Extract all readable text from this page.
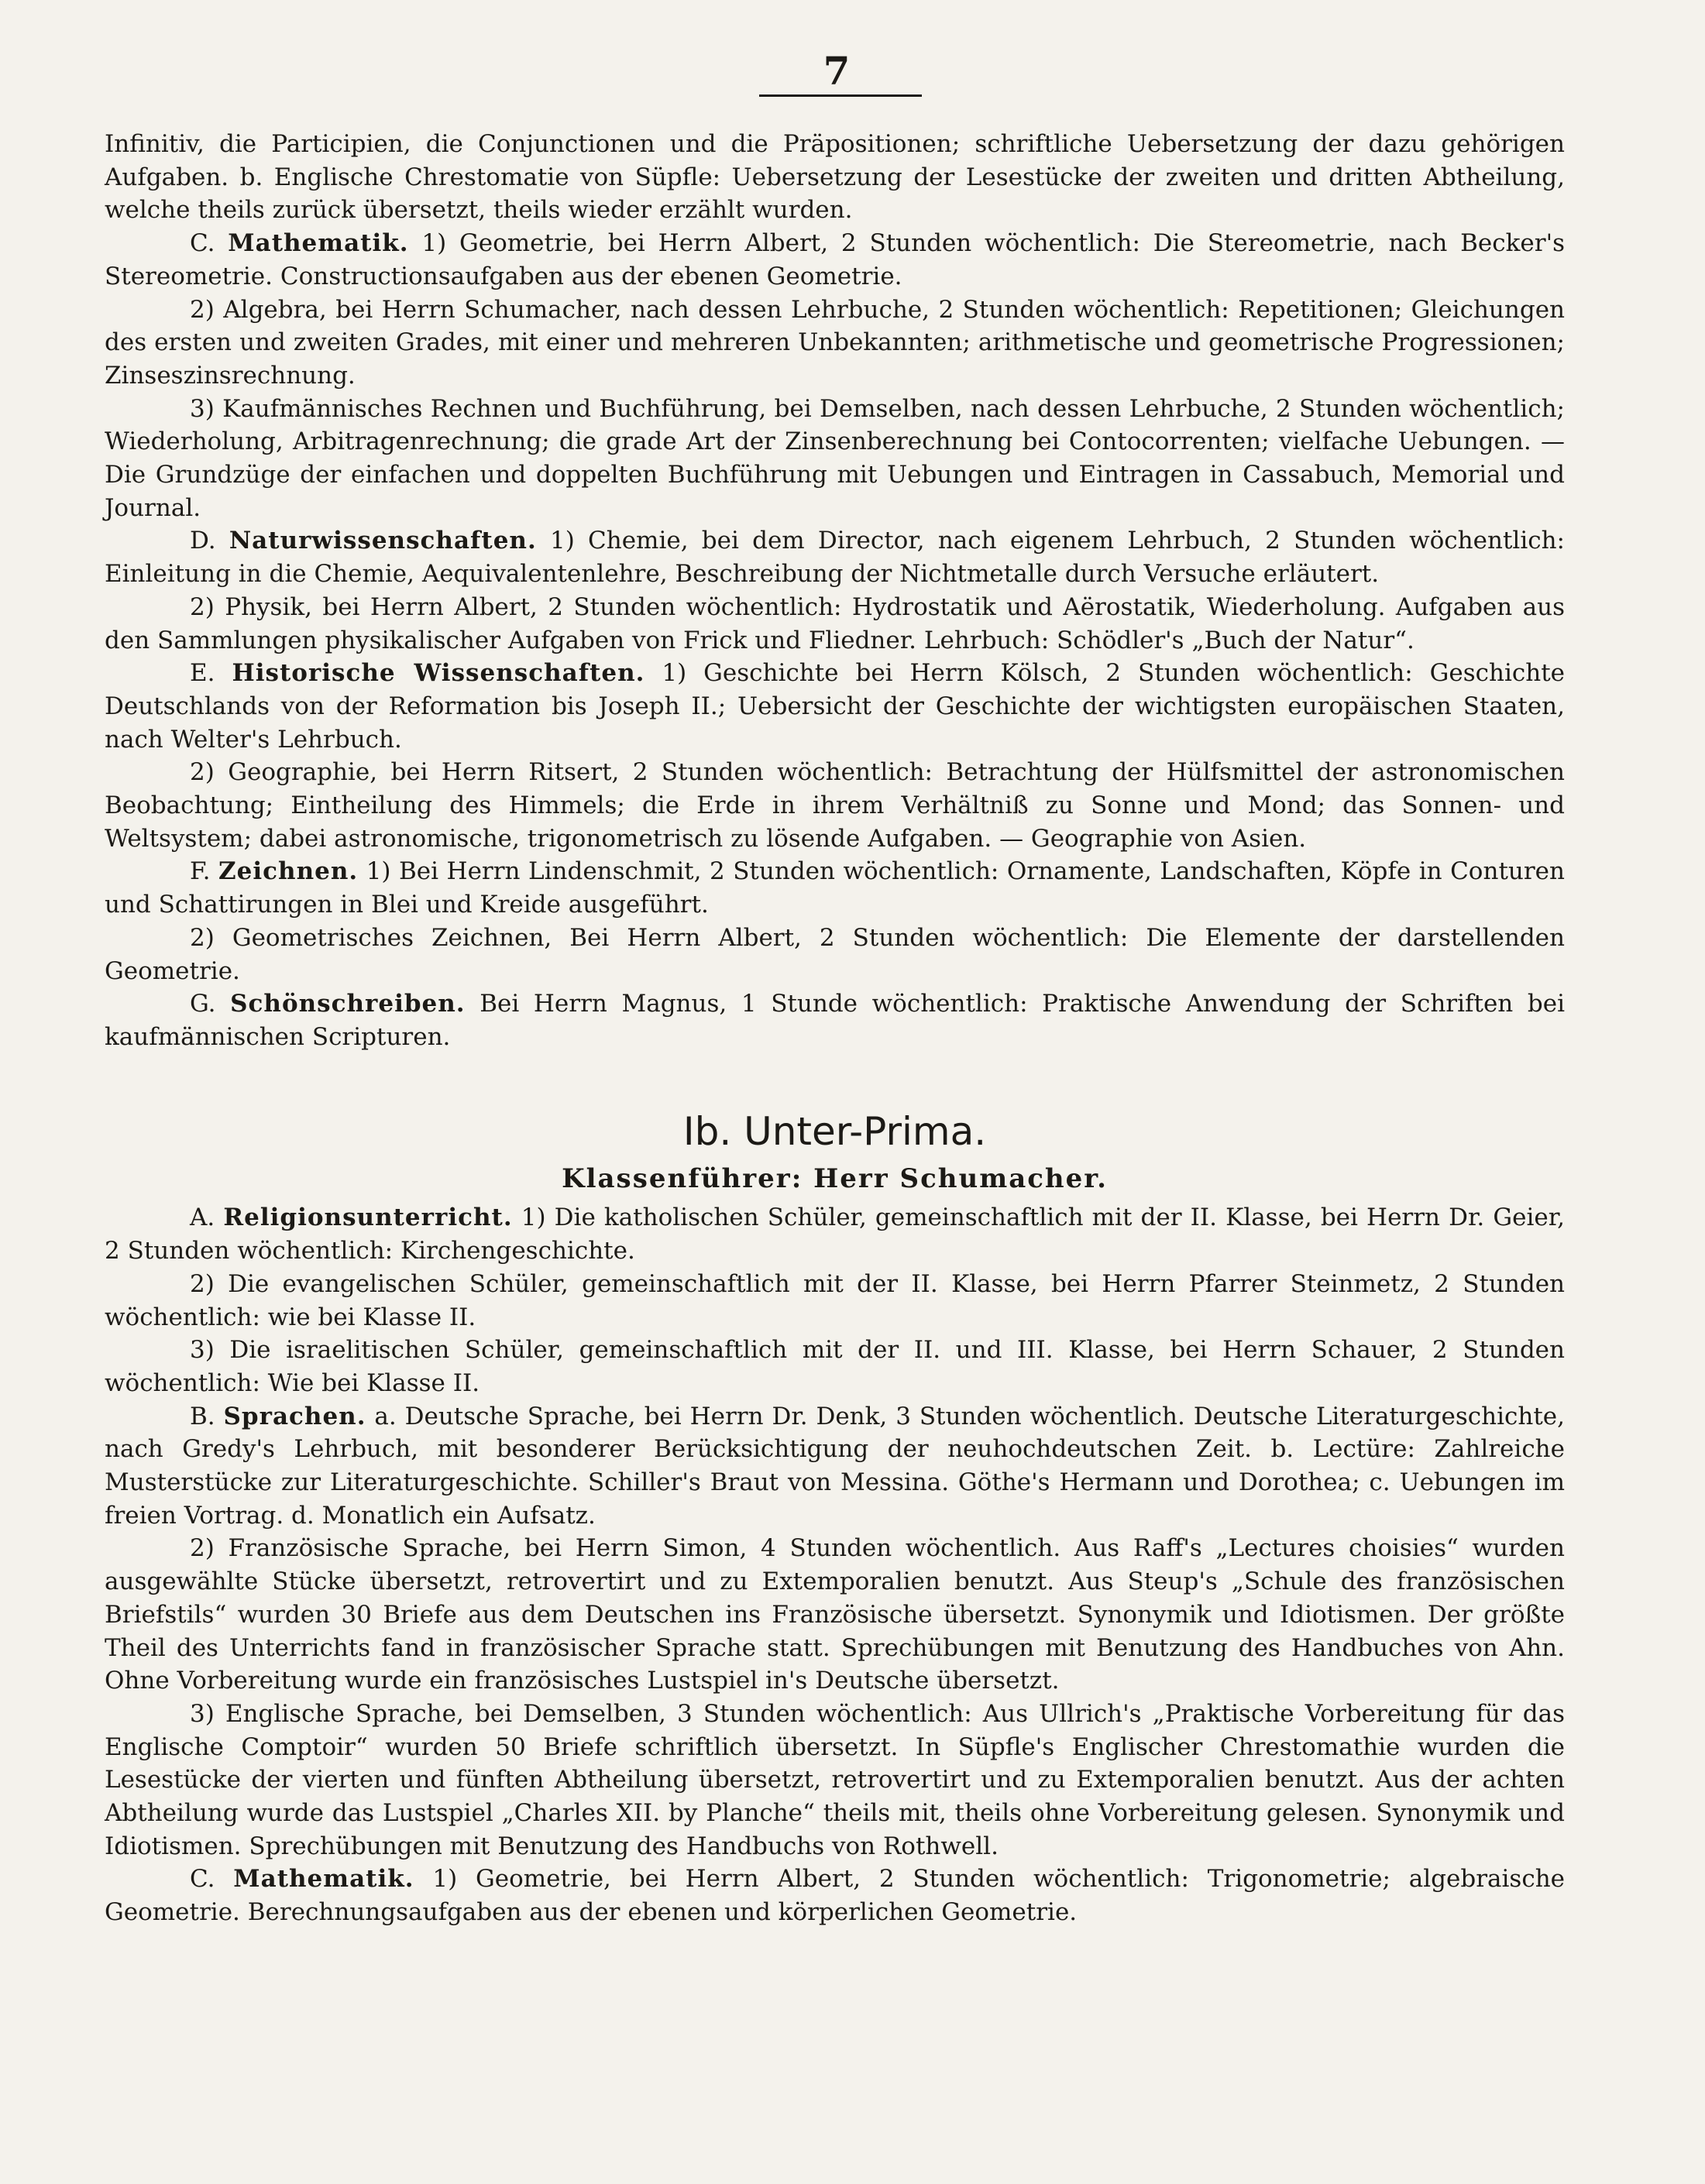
7

Infinitiv, die Participien, die Conjunctionen und die Präpositionen; schriftliche Uebersetzung der dazu gehörigen Aufgaben. b. Englische Chrestomatie von Süpfle: Uebersetzung der Lesestücke der zweiten und dritten Abtheilung, welche theils zurück übersetzt, theils wieder erzählt wurden.

C. Mathematik. 1) Geometrie, bei Herrn Albert, 2 Stunden wöchentlich: Die Stereometrie, nach Becker's Stereometrie. Constructionsaufgaben aus der ebenen Geometrie.

2) Algebra, bei Herrn Schumacher, nach dessen Lehrbuche, 2 Stunden wöchentlich: Repetitionen; Gleichungen des ersten und zweiten Grades, mit einer und mehreren Unbekannten; arithmetische und geometrische Progressionen; Zinseszinsrechnung.

3) Kaufmännisches Rechnen und Buchführung, bei Demselben, nach dessen Lehrbuche, 2 Stunden wöchentlich; Wiederholung, Arbitragenrechnung; die grade Art der Zinsenberechnung bei Contocorrenten; vielfache Uebungen. — Die Grundzüge der einfachen und doppelten Buchführung mit Uebungen und Eintragen in Cassabuch, Memorial und Journal.

D. Naturwissenschaften. 1) Chemie, bei dem Director, nach eigenem Lehrbuch, 2 Stunden wöchentlich: Einleitung in die Chemie, Aequivalentenlehre, Beschreibung der Nichtmetalle durch Versuche erläutert.

2) Physik, bei Herrn Albert, 2 Stunden wöchentlich: Hydrostatik und Aërostatik, Wiederholung. Aufgaben aus den Sammlungen physikalischer Aufgaben von Frick und Fliedner. Lehrbuch: Schödler's „Buch der Natur“.

E. Historische Wissenschaften. 1) Geschichte bei Herrn Kölsch, 2 Stunden wöchentlich: Geschichte Deutschlands von der Reformation bis Joseph II.; Uebersicht der Geschichte der wichtigsten europäischen Staaten, nach Welter's Lehrbuch.

2) Geographie, bei Herrn Ritsert, 2 Stunden wöchentlich: Betrachtung der Hülfsmittel der astronomischen Beobachtung; Eintheilung des Himmels; die Erde in ihrem Verhältniß zu Sonne und Mond; das Sonnen- und Weltsystem; dabei astronomische, trigonometrisch zu lösende Aufgaben. — Geographie von Asien.

F. Zeichnen. 1) Bei Herrn Lindenschmit, 2 Stunden wöchentlich: Ornamente, Landschaften, Köpfe in Conturen und Schattirungen in Blei und Kreide ausgeführt.

2) Geometrisches Zeichnen, Bei Herrn Albert, 2 Stunden wöchentlich: Die Elemente der darstellenden Geometrie.

G. Schönschreiben. Bei Herrn Magnus, 1 Stunde wöchentlich: Praktische Anwendung der Schriften bei kaufmännischen Scripturen.

Ib. Unter-Prima.
Klassenführer: Herr Schumacher.

A. Religionsunterricht. 1) Die katholischen Schüler, gemeinschaftlich mit der II. Klasse, bei Herrn Dr. Geier, 2 Stunden wöchentlich: Kirchengeschichte.

2) Die evangelischen Schüler, gemeinschaftlich mit der II. Klasse, bei Herrn Pfarrer Steinmetz, 2 Stunden wöchentlich: wie bei Klasse II.

3) Die israelitischen Schüler, gemeinschaftlich mit der II. und III. Klasse, bei Herrn Schauer, 2 Stunden wöchentlich: Wie bei Klasse II.

B. Sprachen. a. Deutsche Sprache, bei Herrn Dr. Denk, 3 Stunden wöchentlich. Deutsche Literaturgeschichte, nach Gredy's Lehrbuch, mit besonderer Berücksichtigung der neuhochdeutschen Zeit. b. Lectüre: Zahlreiche Musterstücke zur Literaturgeschichte. Schiller's Braut von Messina. Göthe's Hermann und Dorothea; c. Uebungen im freien Vortrag. d. Monatlich ein Aufsatz.

2) Französische Sprache, bei Herrn Simon, 4 Stunden wöchentlich. Aus Raff's „Lectures choisies“ wurden ausgewählte Stücke übersetzt, retrovertirt und zu Extemporalien benutzt. Aus Steup's „Schule des französischen Briefstils“ wurden 30 Briefe aus dem Deutschen ins Französische übersetzt. Synonymik und Idiotismen. Der größte Theil des Unterrichts fand in französischer Sprache statt. Sprechübungen mit Benutzung des Handbuches von Ahn. Ohne Vorbereitung wurde ein französisches Lustspiel in's Deutsche übersetzt.

3) Englische Sprache, bei Demselben, 3 Stunden wöchentlich: Aus Ullrich's „Praktische Vorbereitung für das Englische Comptoir“ wurden 50 Briefe schriftlich übersetzt. In Süpfle's Englischer Chrestomathie wurden die Lesestücke der vierten und fünften Abtheilung übersetzt, retrovertirt und zu Extemporalien benutzt. Aus der achten Abtheilung wurde das Lustspiel „Charles XII. by Planche“ theils mit, theils ohne Vorbereitung gelesen. Synonymik und Idiotismen. Sprechübungen mit Benutzung des Handbuchs von Rothwell.

C. Mathematik. 1) Geometrie, bei Herrn Albert, 2 Stunden wöchentlich: Trigonometrie; algebraische Geometrie. Berechnungsaufgaben aus der ebenen und körperlichen Geometrie.
